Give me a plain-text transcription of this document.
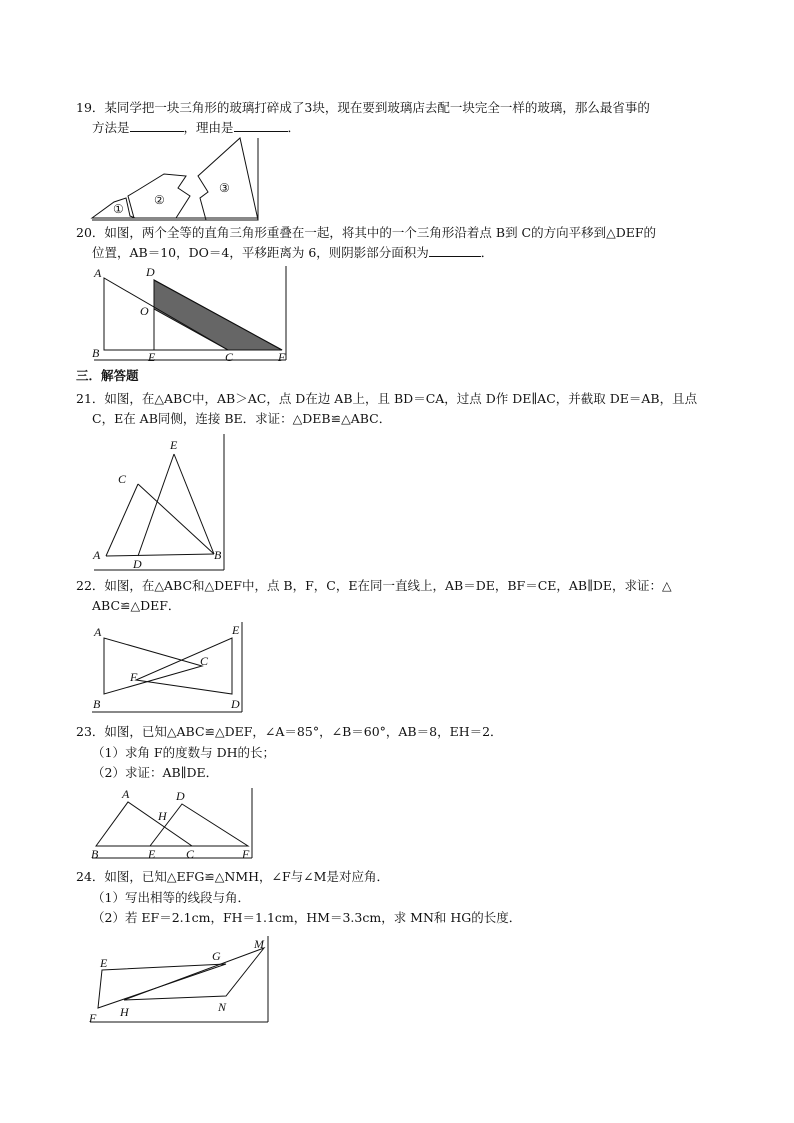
19．某同学把一块三角形的玻璃打碎成了3块，现在要到玻璃店去配一块完全一样的玻璃，那么最省事的
方法是	，理由是	．
①
②
③
20．如图，两个全等的直角三角形重叠在一起，将其中的一个三角形沿着点 B到 C的方向平移到△DEF的
位置，AB＝10，DO＝4，平移距离为 6，则阴影部分面积为	．
A	D
O
B	E	C	F
三．解答题
21．如图，在△ABC中，AB＞AC，点 D在边 AB上，且 BD＝CA，过点 D作 DE∥AC，并截取 DE＝AB，且点
C，E在 AB同侧，连接 BE．求证：△DEB≌△ABC．
E
C
A
D
B
22．如图，在△ABC和△DEF中，点 B，F，C，E在同一直线上，AB＝DE，BF＝CE，AB∥DE，求证：△
ABC≌△DEF．
A	E
C
F
B	D
23．如图，已知△ABC≌△DEF，∠A＝85°，∠B＝60°，AB＝8，EH＝2．
（1）求角 F的度数与 DH的长；
（2）求证：AB∥DE．
A	D
H
B	E	C	F
24．如图，已知△EFG≌△NMH，∠F与∠M是对应角．
（1）写出相等的线段与角．
（2）若 EF＝2.1cm，FH＝1.1cm，HM＝3.3cm，求 MN和 HG的长度．
M
E	G
F H	N
